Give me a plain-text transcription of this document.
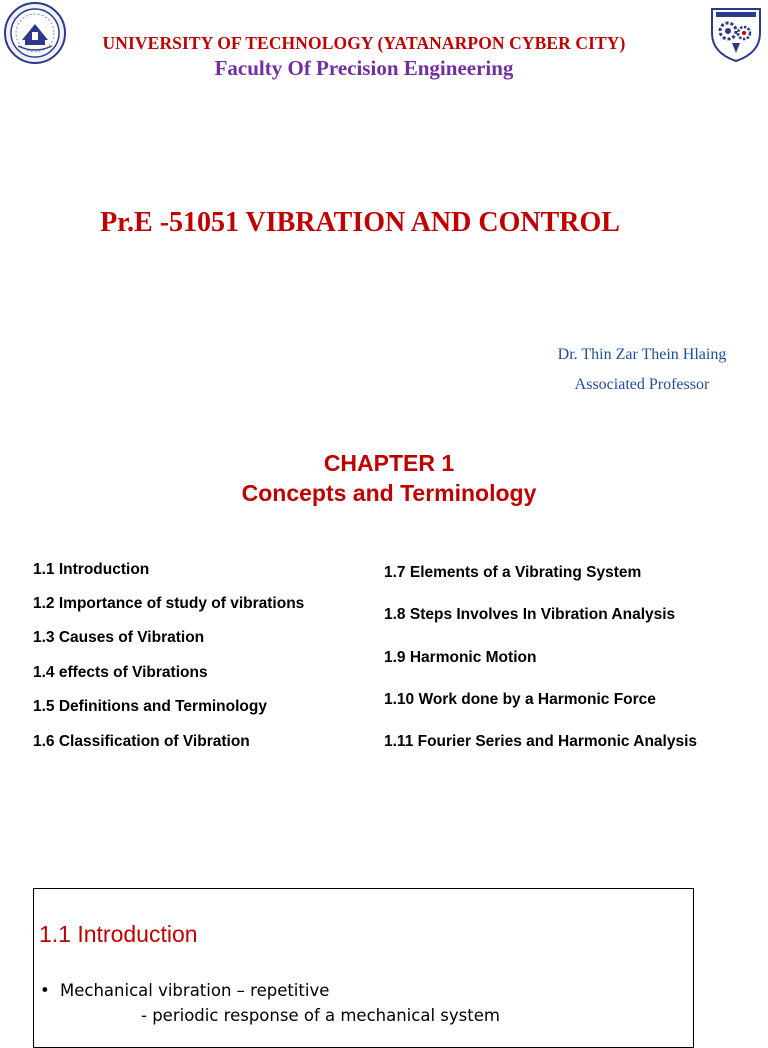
UNIVERSITY OF TECHNOLOGY (YATANARPON CYBER CITY)
Faculty Of Precision Engineering
Pr.E -51051 VIBRATION AND CONTROL
Dr. Thin Zar Thein Hlaing
Associated Professor
CHAPTER 1
Concepts and Terminology
1.1 Introduction
1.2 Importance of study of vibrations
1.3 Causes of Vibration
1.4 effects of Vibrations
1.5 Definitions and Terminology
1.6 Classification of Vibration
1.7 Elements of a Vibrating System
1.8 Steps Involves In Vibration Analysis
1.9 Harmonic Motion
1.10 Work done by a Harmonic Force
1.11 Fourier Series and Harmonic Analysis
1.1 Introduction
• Mechanical vibration – repetitive
- periodic response of a mechanical system
